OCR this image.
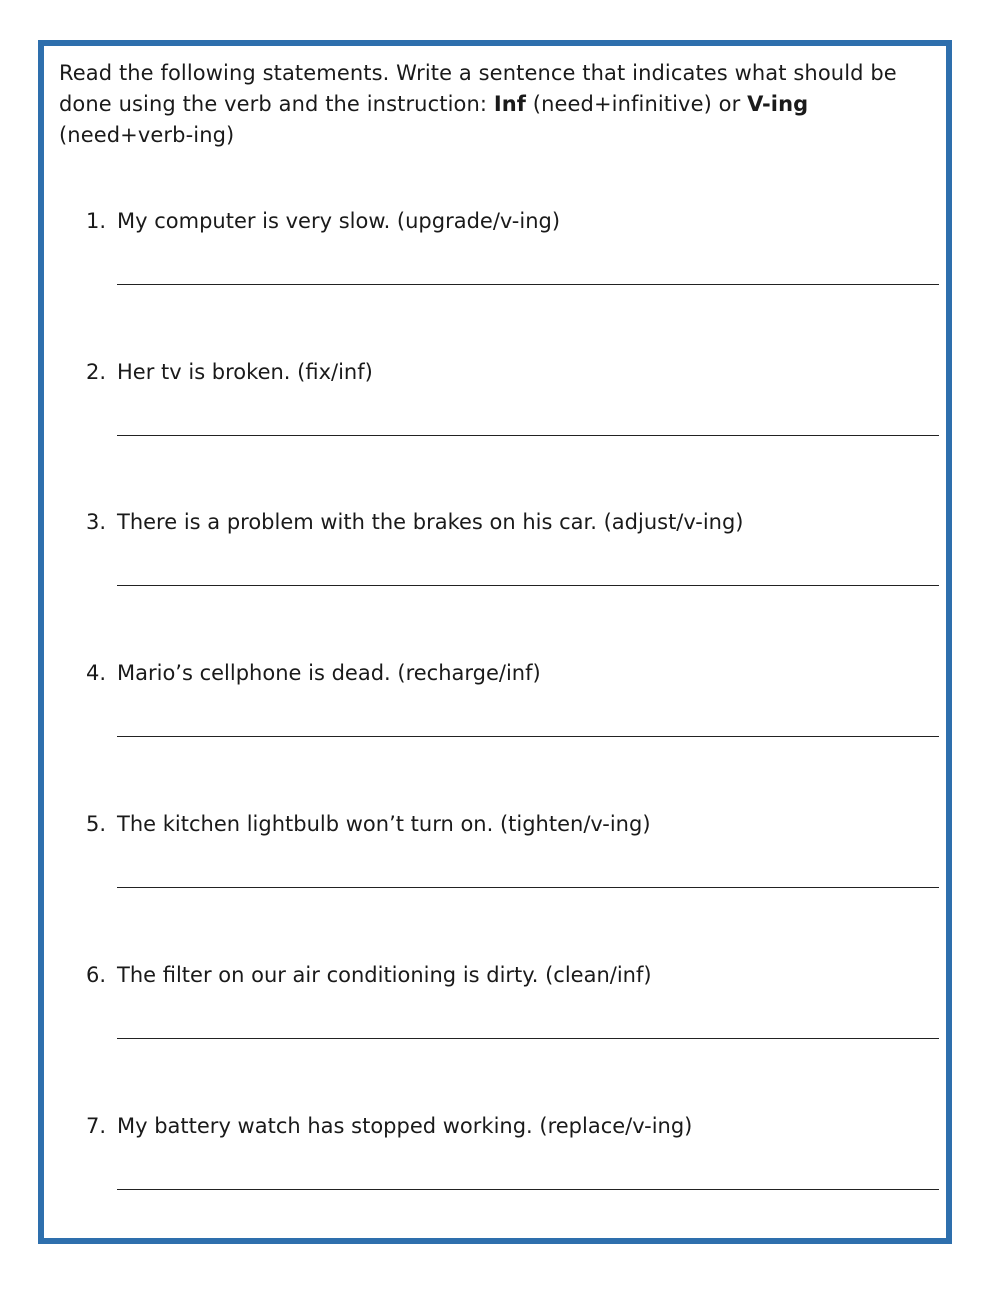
Read the following statements. Write a sentence that indicates what should be done using the verb and the instruction: Inf (need+infinitive) or V-ing (need+verb-ing)
1. My computer is very slow. (upgrade/v-ing)
2. Her tv is broken. (fix/inf)
3. There is a problem with the brakes on his car. (adjust/v-ing)
4. Mario’s cellphone is dead. (recharge/inf)
5. The kitchen lightbulb won’t turn on. (tighten/v-ing)
6. The filter on our air conditioning is dirty. (clean/inf)
7. My battery watch has stopped working. (replace/v-ing)
